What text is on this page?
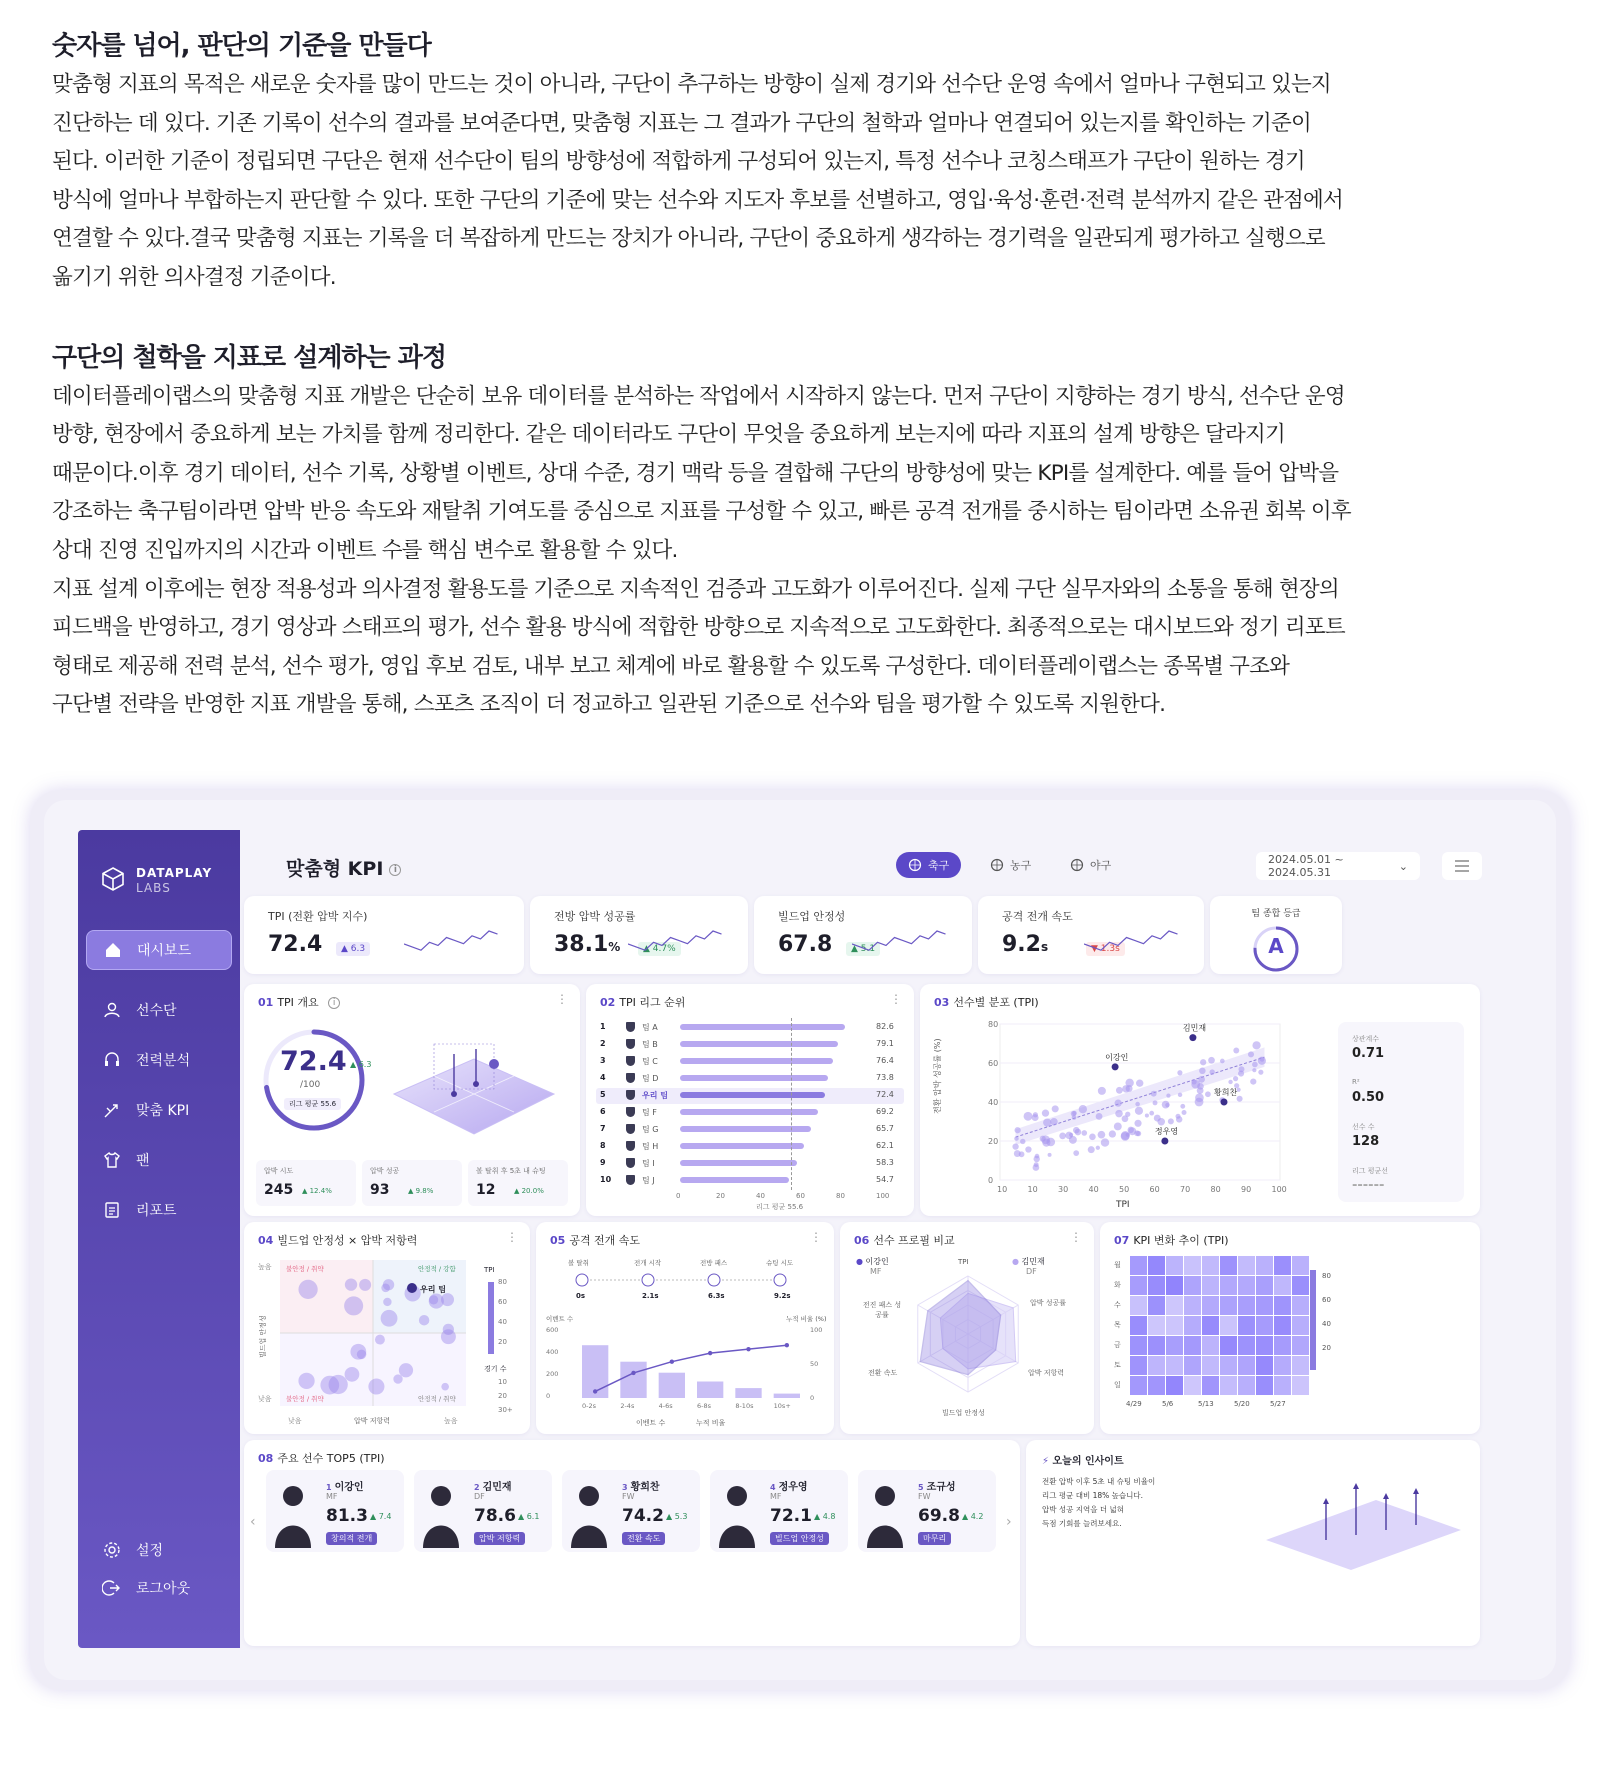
숫자를 넘어, 판단의 기준을 만들다
맞춤형 지표의 목적은 새로운 숫자를 많이 만드는 것이 아니라, 구단이 추구하는 방향이 실제 경기와 선수단 운영 속에서 얼마나 구현되고 있는지
진단하는 데 있다. 기존 기록이 선수의 결과를 보여준다면, 맞춤형 지표는 그 결과가 구단의 철학과 얼마나 연결되어 있는지를 확인하는 기준이
된다. 이러한 기준이 정립되면 구단은 현재 선수단이 팀의 방향성에 적합하게 구성되어 있는지, 특정 선수나 코칭스태프가 구단이 원하는 경기
방식에 얼마나 부합하는지 판단할 수 있다. 또한 구단의 기준에 맞는 선수와 지도자 후보를 선별하고, 영입·육성·훈련·전력 분석까지 같은 관점에서
연결할 수 있다.결국 맞춤형 지표는 기록을 더 복잡하게 만드는 장치가 아니라, 구단이 중요하게 생각하는 경기력을 일관되게 평가하고 실행으로
옮기기 위한 의사결정 기준이다.
구단의 철학을 지표로 설계하는 과정
데이터플레이랩스의 맞춤형 지표 개발은 단순히 보유 데이터를 분석하는 작업에서 시작하지 않는다. 먼저 구단이 지향하는 경기 방식, 선수단 운영
방향, 현장에서 중요하게 보는 가치를 함께 정리한다. 같은 데이터라도 구단이 무엇을 중요하게 보는지에 따라 지표의 설계 방향은 달라지기
때문이다.이후 경기 데이터, 선수 기록, 상황별 이벤트, 상대 수준, 경기 맥락 등을 결합해 구단의 방향성에 맞는 KPI를 설계한다. 예를 들어 압박을
강조하는 축구팀이라면 압박 반응 속도와 재탈취 기여도를 중심으로 지표를 구성할 수 있고, 빠른 공격 전개를 중시하는 팀이라면 소유권 회복 이후
상대 진영 진입까지의 시간과 이벤트 수를 핵심 변수로 활용할 수 있다.
지표 설계 이후에는 현장 적용성과 의사결정 활용도를 기준으로 지속적인 검증과 고도화가 이루어진다. 실제 구단 실무자와의 소통을 통해 현장의
피드백을 반영하고, 경기 영상과 스태프의 평가, 선수 활용 방식에 적합한 방향으로 지속적으로 고도화한다. 최종적으로는 대시보드와 정기 리포트
형태로 제공해 전력 분석, 선수 평가, 영입 후보 검토, 내부 보고 체계에 바로 활용할 수 있도록 구성한다. 데이터플레이랩스는 종목별 구조와
구단별 전략을 반영한 지표 개발을 통해, 스포츠 조직이 더 정교하고 일관된 기준으로 선수와 팀을 평가할 수 있도록 지원한다.
DATAPLAY
LABS
대시보드
선수단
전력분석
맞춤 KPI
팬
리포트
설정
로그아웃
맞춤형 KPI i	축구	농구	야구	2024.05.01 ~ 2024.05.31	⌄
TPI (전환 압박 지수)
72.4	▲ 6.3
전방 압박 성공률
38.1%	▲ 4.7%
빌드업 안정성
67.8	▲ 5.1
공격 전개 속도
9.2s	▼ 1.3s
팀 종합 등급
A
01 TPI 개요 i	⋮
72.4 ▲ 6.3
/100
리그 평균 55.6
압박 시도
245 ▲ 12.4%
압박 성공
93	▲ 9.8%
볼 탈취 후 5초 내 슈팅
12	▲ 20.0%
02 TPI 리그 순위	⋮
리그 평균 55.6
1	팀 A	82.6
2	팀 B	79.1
3	팀 C	76.4
4	팀 D	73.8
5	우리 팀	72.4
6	팀 F	69.2
7	팀 G	65.7
8	팀 H	62.1
9	팀 I	58.3
10	팀 J	54.7
0	20	40	60	80	100
03 선수별 분포 (TPI)
80
60
40
20
0
10	10	30	40	50	60	70	80	90	100
김민재
이강인
황희찬
정우영
전환 압박 성공률 (%)
TPI
상관계수
0.71
R²
0.50
선수 수
128
리그 평균선
------
04 빌드업 안정성 × 압박 저항력	⋮
불안정 / 취약	안정적 / 강함
불안정 / 취약	안정적 / 취약
우리 팀
빌드업 안정성
압박 저항력
높음
낮음
낮음	높음
TPI
80
60
40
20
경기 수
10
20
30+
05 공격 전개 속도	⋮
볼 탈취
0s
전개 시작
2.1s
전방 패스
6.3s
슈팅 시도
9.2s
0-2s	2-4s	4-6s	6-8s	8-10s	10s+
600
400
200
0
100
50
0
이벤트 수	누적 비율 (%)
이벤트 수	누적 비율
06 선수 프로필 비교	⋮
● 이강인
MF
● 김민재
DF
TPI
압박 성공률
압박 저항력
빌드업 안정성
전환 속도
전진 패스 성공률
07 KPI 변화 추이 (TPI)
월
화
수
목
금
토
일
4/29	5/6	5/13	5/20	5/27
80
60
40
20
08 주요 선수 TOP5 (TPI)
‹	›
1 이강인
MF
81.3 ▲ 7.4
창의적 전개
2 김민재
DF
78.6 ▲ 6.1
압박 저항력
3 황희찬
FW
74.2 ▲ 5.3
전환 속도
4 정우영
MF
72.1 ▲ 4.8
빌드업 안정성
5 조규성
FW
69.8 ▲ 4.2
마무리
⚡ 오늘의 인사이트
전환 압박 이후 5초 내 슈팅 비율이
리그 평균 대비 18% 높습니다.
압박 성공 지역을 더 넓혀
득점 기회를 늘려보세요.
